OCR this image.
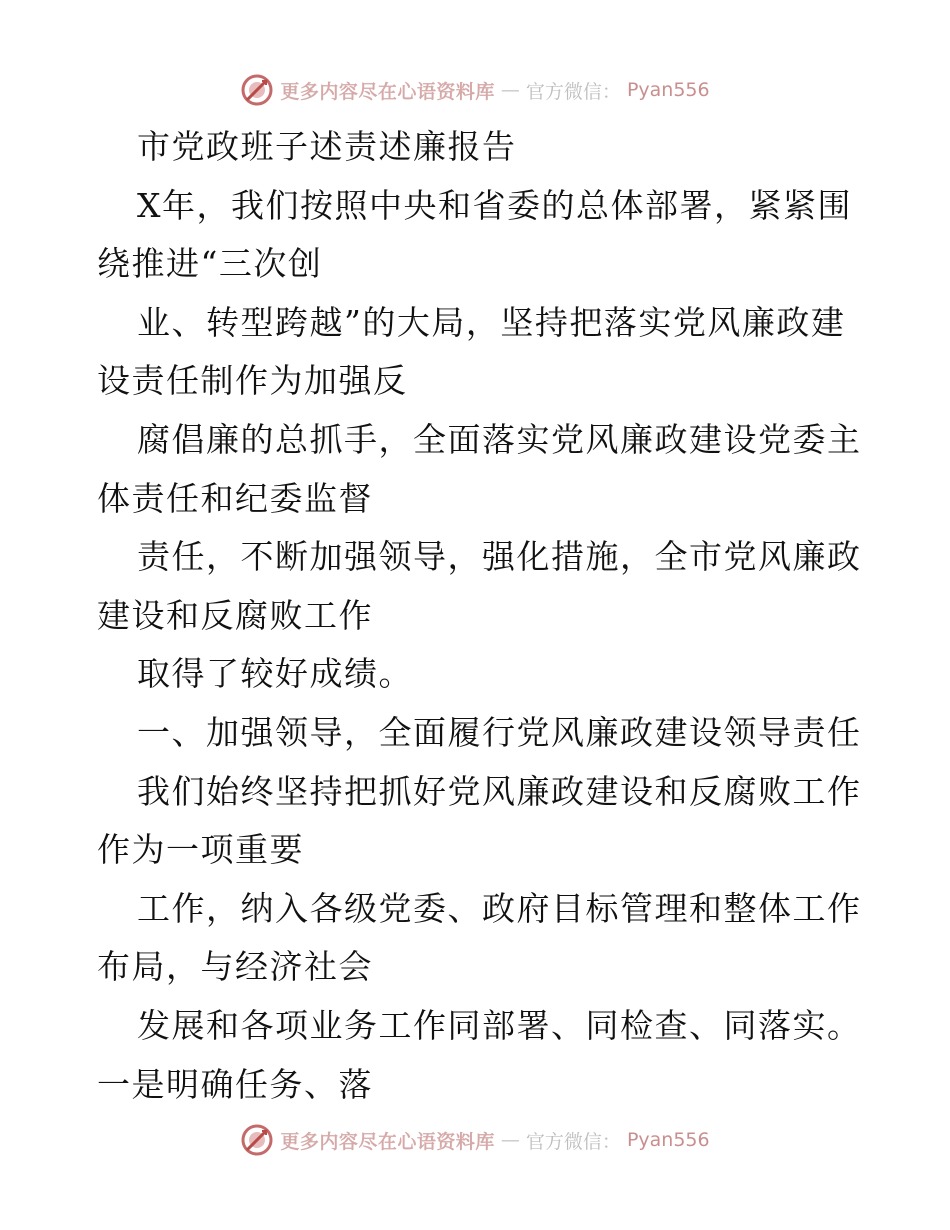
更多内容尽在心语资料库 — 官方微信： Pyan556
市党政班子述责述廉报告
X年，我们按照中央和省委的总体部署，紧紧围
绕推进“三次创
业、转型跨越”的大局，坚持把落实党风廉政建
设责任制作为加强反
腐倡廉的总抓手，全面落实党风廉政建设党委主
体责任和纪委监督
责任，不断加强领导，强化措施，全市党风廉政
建设和反腐败工作
取得了较好成绩。
一、加强领导，全面履行党风廉政建设领导责任
我们始终坚持把抓好党风廉政建设和反腐败工作
作为一项重要
工作，纳入各级党委、政府目标管理和整体工作
布局，与经济社会
发展和各项业务工作同部署、同检查、同落实。
一是明确任务、落
更多内容尽在心语资料库 — 官方微信： Pyan556
